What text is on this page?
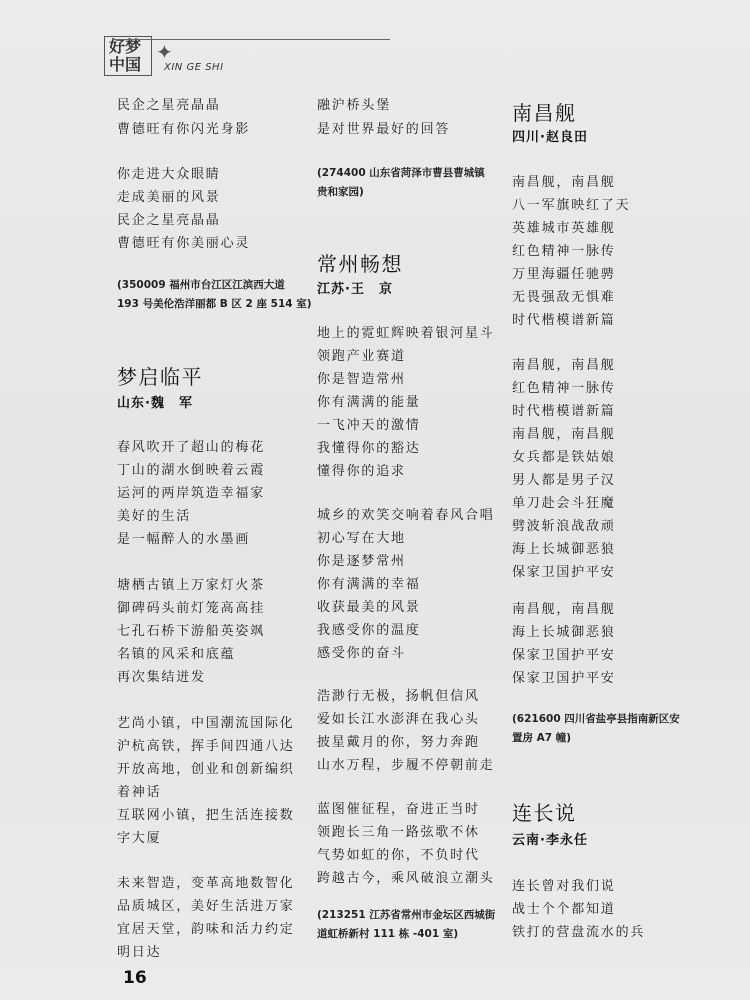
好梦
中国
✦
XIN GE SHI
民企之星亮晶晶
曹德旺有你闪光身影
你走进大众眼睛
走成美丽的风景
民企之星亮晶晶
曹德旺有你美丽心灵
(350009 福州市台江区江滨西大道
193 号美伦浩洋丽都 B 区 2 座 514 室)
梦启临平
山东·魏　军
春风吹开了超山的梅花
丁山的湖水倒映着云霞
运河的两岸筑造幸福家
美好的生活
是一幅醉人的水墨画
塘栖古镇上万家灯火茶
御碑码头前灯笼高高挂
七孔石桥下游船英姿飒
名镇的风采和底蕴
再次集结迸发
艺尚小镇，中国潮流国际化
沪杭高铁，挥手间四通八达
开放高地，创业和创新编织
着神话
互联网小镇，把生活连接数
字大厦
未来智造，变革高地数智化
品质城区，美好生活进万家
宜居天堂，韵味和活力约定
明日达
融沪桥头堡
是对世界最好的回答
(274400 山东省菏泽市曹县曹城镇
贵和家园)
常州畅想
江苏·王　京
地上的霓虹辉映着银河星斗
领跑产业赛道
你是智造常州
你有满满的能量
一飞冲天的激情
我懂得你的豁达
懂得你的追求
城乡的欢笑交响着春风合唱
初心写在大地
你是逐梦常州
你有满满的幸福
收获最美的风景
我感受你的温度
感受你的奋斗
浩渺行无极，扬帆但信风
爱如长江水澎湃在我心头
披星戴月的你，努力奔跑
山水万程，步履不停朝前走
蓝图催征程，奋进正当时
领跑长三角一路弦歌不休
气势如虹的你，不负时代
跨越古今，乘风破浪立潮头
(213251 江苏省常州市金坛区西城街
道虹桥新村 111 栋 -401 室)
南昌舰
四川·赵良田
南昌舰，南昌舰
八一军旗映红了天
英雄城市英雄舰
红色精神一脉传
万里海疆任驰骋
无畏强敌无惧难
时代楷模谱新篇
南昌舰，南昌舰
红色精神一脉传
时代楷模谱新篇
南昌舰，南昌舰
女兵都是铁姑娘
男人都是男子汉
单刀赴会斗狂魔
劈波斩浪战敌顽
海上长城御恶狼
保家卫国护平安
南昌舰，南昌舰
海上长城御恶狼
保家卫国护平安
保家卫国护平安
(621600 四川省盐亭县指南新区安
置房 A7 幢)
连长说
云南·李永任
连长曾对我们说
战士个个都知道
铁打的营盘流水的兵
16
